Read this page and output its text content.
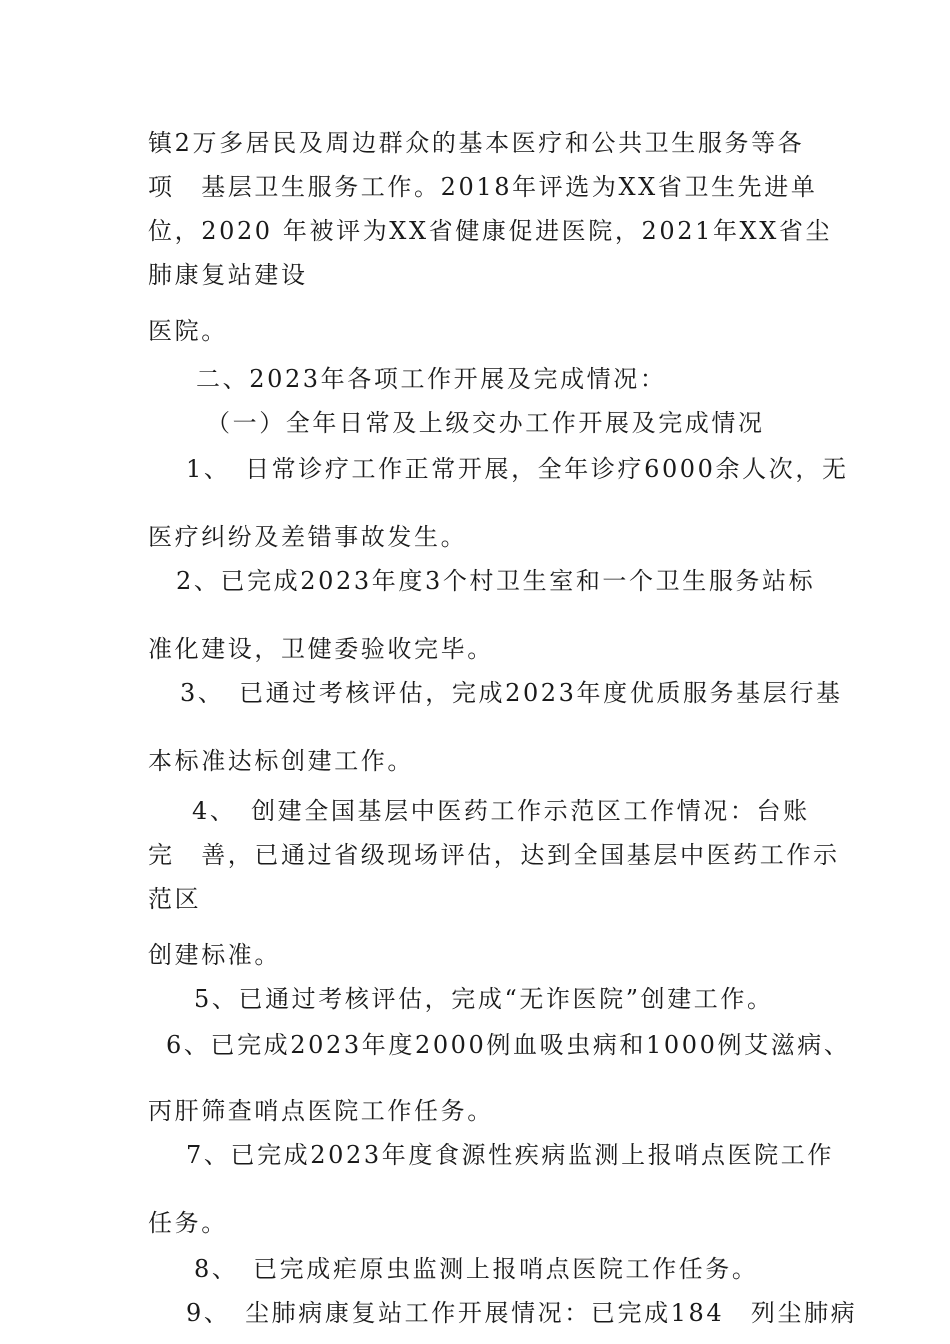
镇2万多居民及周边群众的基本医疗和公共卫生服务等各
项　基层卫生服务工作。2018年评选为XX省卫生先进单
位，2020 年被评为XX省健康促进医院，2021年XX省尘
肺康复站建设
医院。
二、2023年各项工作开展及完成情况：
（一）全年日常及上级交办工作开展及完成情况
1、　日常诊疗工作正常开展，全年诊疗6000余人次，无
医疗纠纷及差错事故发生。
2、已完成2023年度3个村卫生室和一个卫生服务站标
准化建设，卫健委验收完毕。
3、　已通过考核评估，完成2023年度优质服务基层行基
本标准达标创建工作。
4、　创建全国基层中医药工作示范区工作情况：台账
完　善，已通过省级现场评估，达到全国基层中医药工作示
范区
创建标准。
5、已通过考核评估，完成“无诈医院”创建工作。
6、已完成2023年度2000例血吸虫病和1000例艾滋病、
丙肝筛查哨点医院工作任务。
7、已完成2023年度食源性疾病监测上报哨点医院工作
任务。
8、　已完成疟原虫监测上报哨点医院工作任务。
9、　尘肺病康复站工作开展情况：已完成184　列尘肺病
